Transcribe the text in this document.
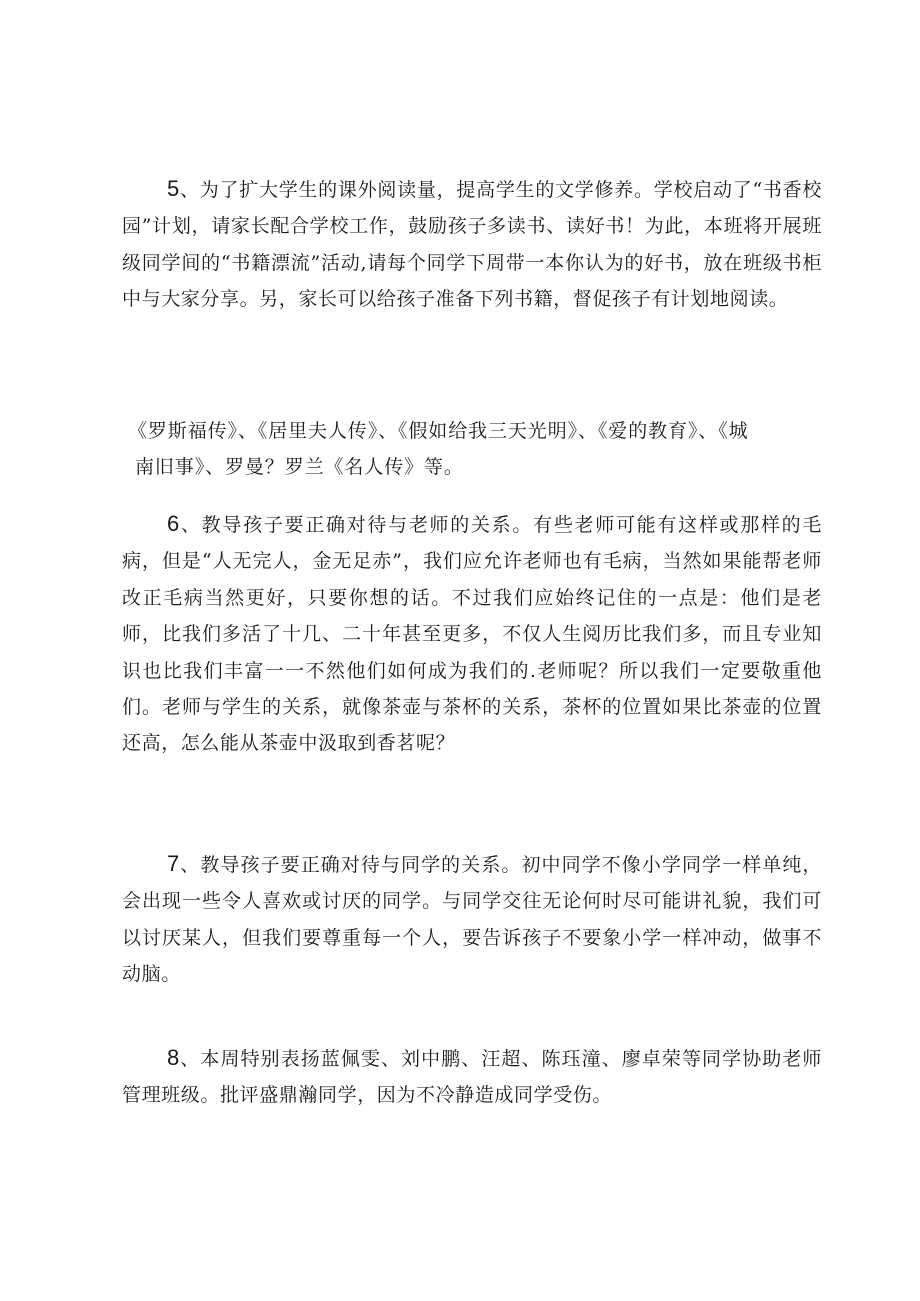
5、为了扩大学生的课外阅读量，提高学生的文学修养。学校启动了“书香校园”计划，请家长配合学校工作，鼓励孩子多读书、读好书！为此，本班将开展班级同学间的“书籍漂流”活动,请每个同学下周带一本你认为的好书，放在班级书柜中与大家分享。另，家长可以给孩子准备下列书籍，督促孩子有计划地阅读。

《罗斯福传》、《居里夫人传》、《假如给我三天光明》、《爱的教育》、《城
南旧事》、罗曼？罗兰《名人传》等。

6、教导孩子要正确对待与老师的关系。有些老师可能有这样或那样的毛病，但是“人无完人，金无足赤”，我们应允许老师也有毛病，当然如果能帮老师改正毛病当然更好，只要你想的话。不过我们应始终记住的一点是：他们是老师，比我们多活了十几、二十年甚至更多，不仅人生阅历比我们多，而且专业知识也比我们丰富一一不然他们如何成为我们的.老师呢？所以我们一定要敬重他们。老师与学生的关系，就像茶壶与茶杯的关系，茶杯的位置如果比茶壶的位置还高，怎么能从茶壶中汲取到香茗呢？

7、教导孩子要正确对待与同学的关系。初中同学不像小学同学一样单纯，会出现一些令人喜欢或讨厌的同学。与同学交往无论何时尽可能讲礼貌，我们可以讨厌某人，但我们要尊重每一个人，要告诉孩子不要象小学一样冲动，做事不动脑。

8、本周特别表扬蓝佩雯、刘中鹏、汪超、陈珏潼、廖卓荣等同学协助老师管理班级。批评盛鼎瀚同学，因为不冷静造成同学受伤。
